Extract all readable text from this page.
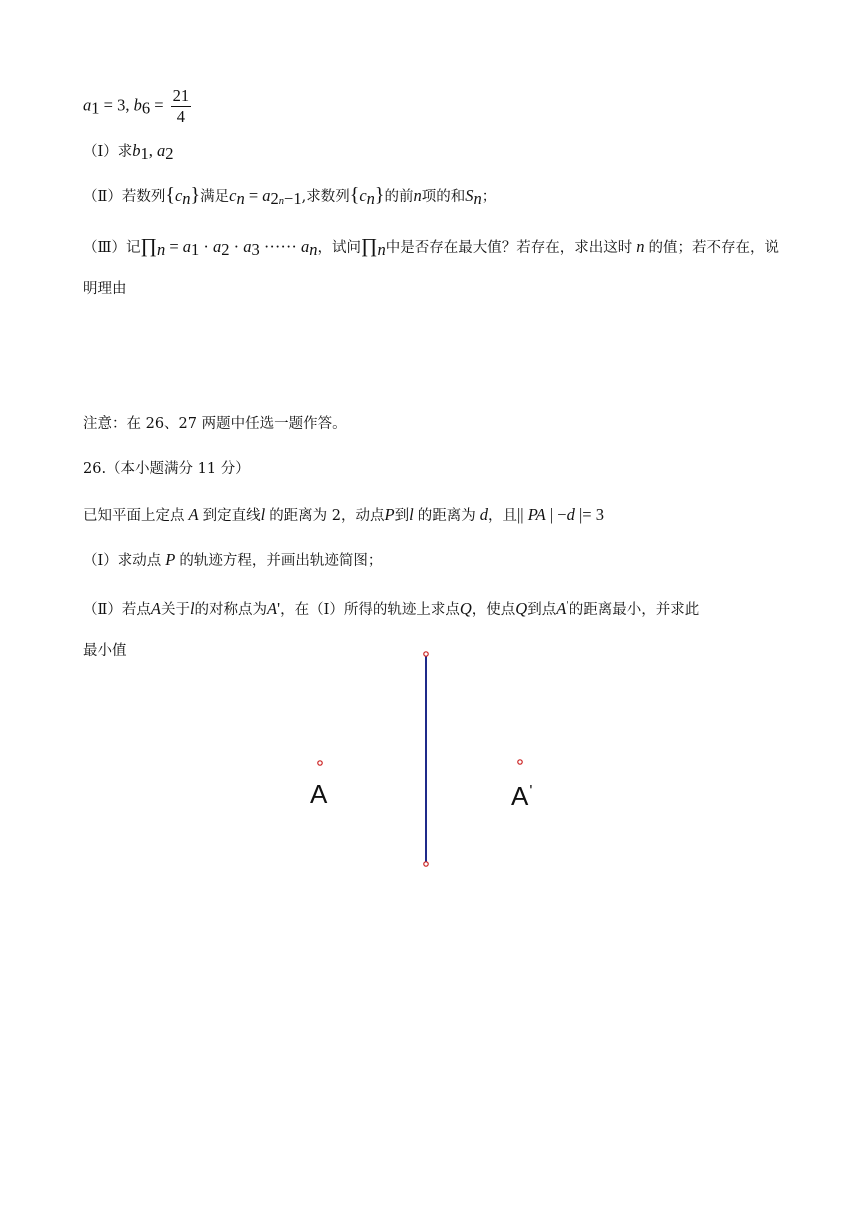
$a_1 = 3$, $b_6 = \frac{21}{4}$
（Ⅰ）求$b_1$, $a_2$
（Ⅱ）若数列$\{c_n\}$满足$c_n = a_{2n-1}$,求数列$\{c_n\}$的前n项的和$S_n$；
（Ⅲ）记$\prod_n = a_1 \cdot a_2 \cdot a_3$ ······ $a_n$，试问$\prod_n$中是否存在最大值？若存在，求出这时 n 的值；若不存在，说
明理由
注意：在 26、27 两题中任选一题作答。
26.（本小题满分 11 分）
已知平面上定点 A 到定直线l 的距离为 2，动点P到l 的距离为 d，且|| PA | −d |= 3
（Ⅰ）求动点 P 的轨迹方程，并画出轨迹简图；
（Ⅱ）若点A关于l的对称点为A'，在（Ⅰ）所得的轨迹上求点Q，使点Q到点A'的距离最小，并求此
最小值
A	A'
